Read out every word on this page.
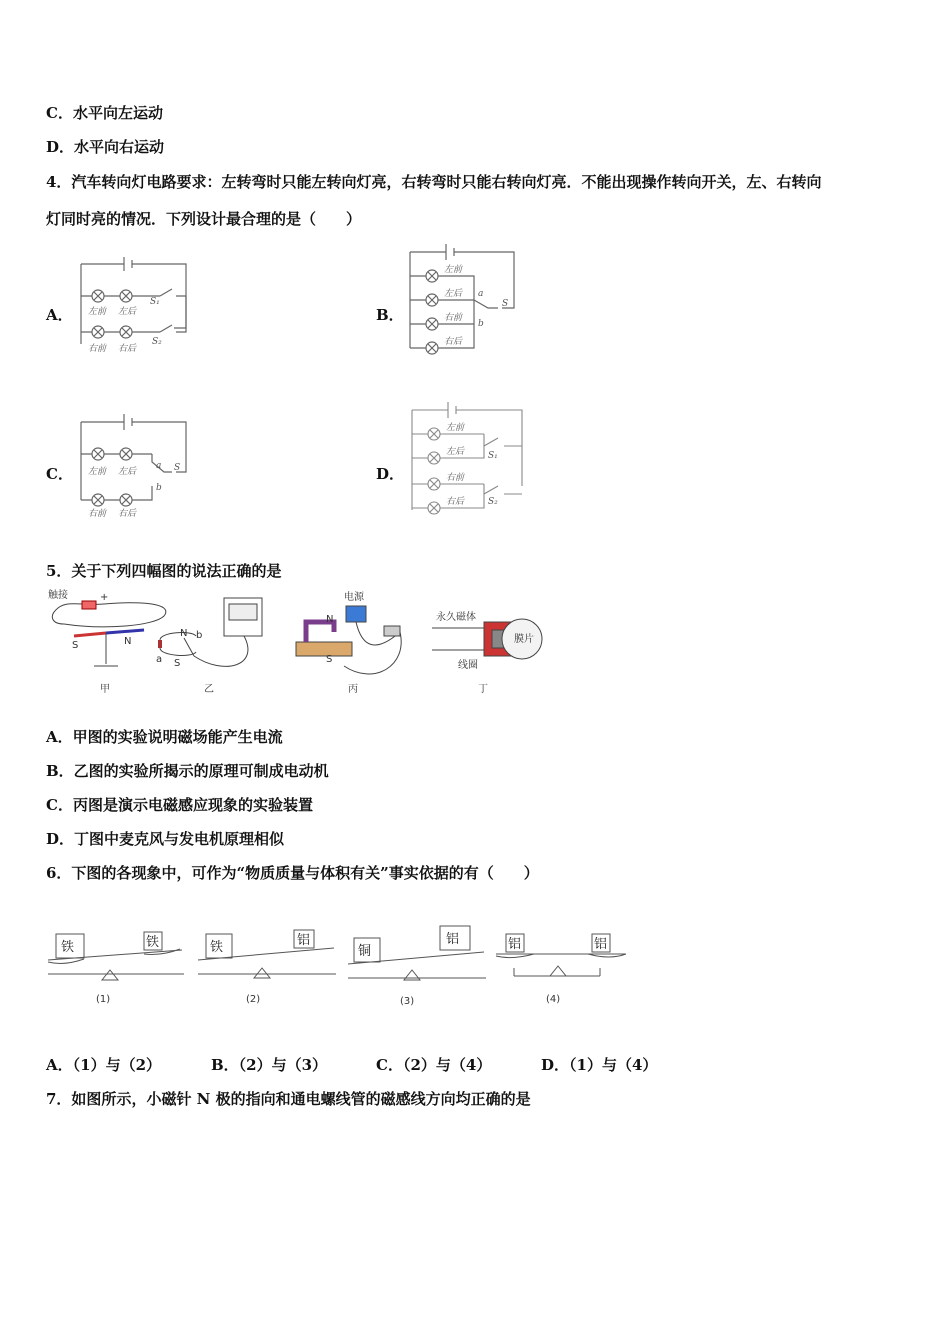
C．水平向左运动
D．水平向右运动
4．汽车转向灯电路要求：左转弯时只能左转向灯亮，右转弯时只能右转向灯亮．不能出现操作转向开关，左、右转向
灯同时亮的情况．下列设计最合理的是（　　）
A．	B．
C．	D．
左前 左后
右前 右后
S₁
S₂
左前
左后
右前
右后
a
b
S
左前 左后
右前 右后
a
b
S
左前
左后
右前
右后
S₁
S₂
5．关于下列四幅图的说法正确的是
触接	+
S	N
甲
N
S
a
b
乙
电源
N
S
丙
永久磁体
膜片
线圈
丁
A．甲图的实验说明磁场能产生电流
B．乙图的实验所揭示的原理可制成电动机
C．丙图是演示电磁感应现象的实验装置
D．丁图中麦克风与发电机原理相似
6．下图的各现象中，可作为“物质质量与体积有关”事实依据的有（　　）
铁	铁
(1)
铁	铝
(2)
铜
铝
(3)
铝	铝
(4)
A．（1）与（2）	B．（2）与（3）	C．（2）与（4）	D．（1）与（4）
7．如图所示，小磁针 N 极的指向和通电螺线管的磁感线方向均正确的是
